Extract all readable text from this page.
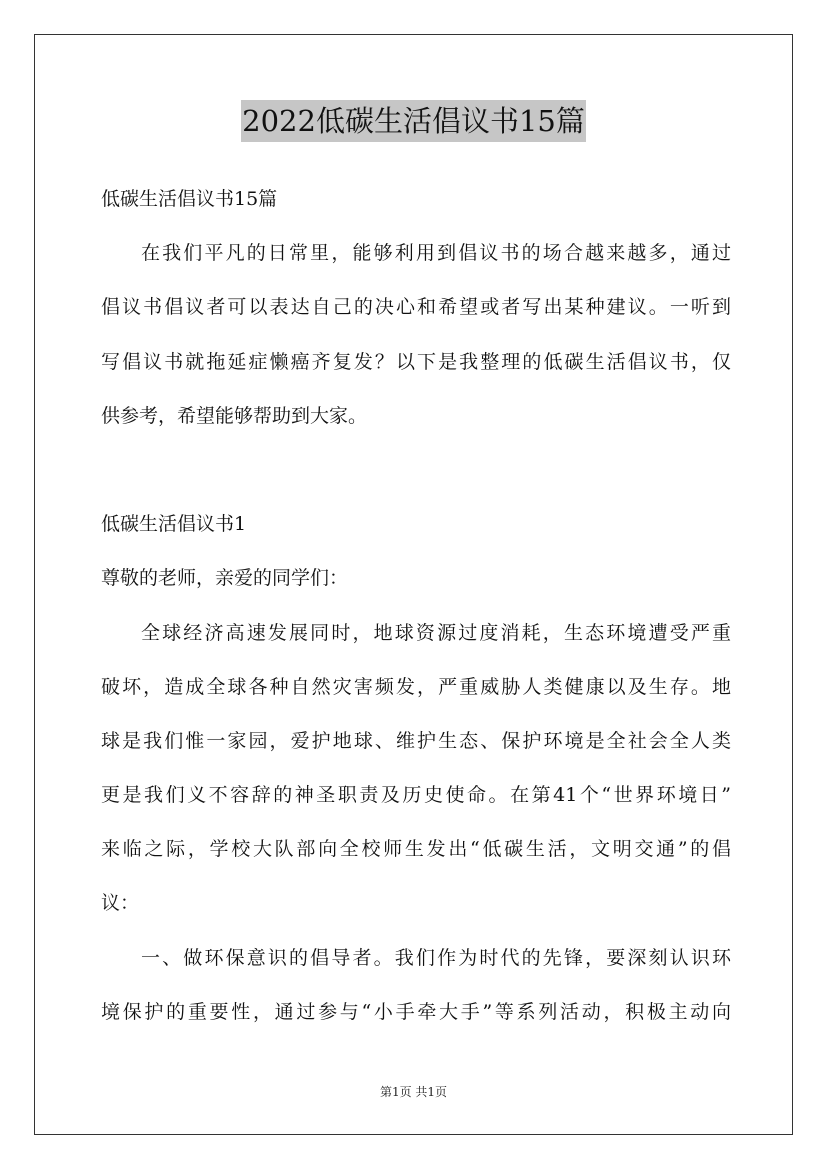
2022低碳生活倡议书15篇
低碳生活倡议书15篇
在我们平凡的日常里，能够利用到倡议书的场合越来越多，通过
倡议书倡议者可以表达自己的决心和希望或者写出某种建议。一听到
写倡议书就拖延症懒癌齐复发？以下是我整理的低碳生活倡议书，仅
供参考，希望能够帮助到大家。
低碳生活倡议书1
尊敬的老师，亲爱的同学们：
全球经济高速发展同时，地球资源过度消耗，生态环境遭受严重
破坏，造成全球各种自然灾害频发，严重威胁人类健康以及生存。地
球是我们惟一家园，爱护地球、维护生态、保护环境是全社会全人类
更是我们义不容辞的神圣职责及历史使命。在第41个“世界环境日”
来临之际，学校大队部向全校师生发出“低碳生活，文明交通”的倡
议：
一、做环保意识的倡导者。我们作为时代的先锋，要深刻认识环
境保护的重要性，通过参与“小手牵大手”等系列活动，积极主动向
第1页 共1页
